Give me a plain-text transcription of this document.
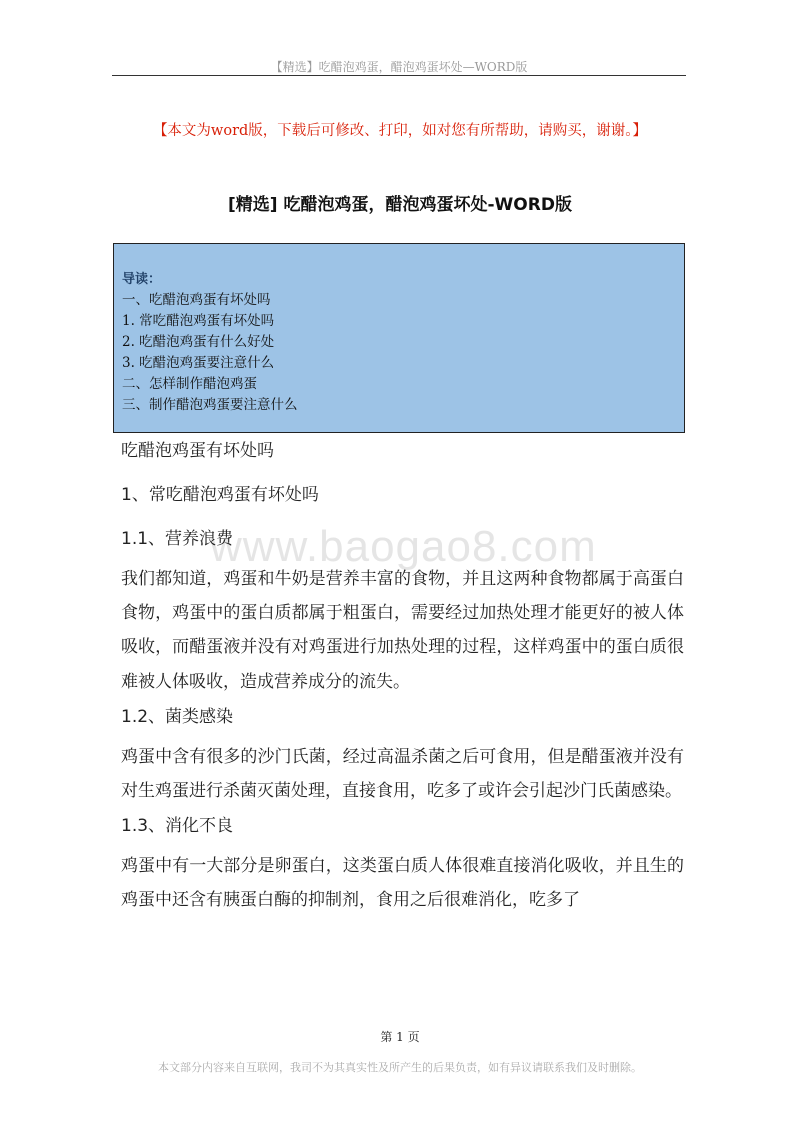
【精选】吃醋泡鸡蛋，醋泡鸡蛋坏处—WORD版
【本文为word版，下载后可修改、打印，如对您有所帮助，请购买，谢谢。】
[精选] 吃醋泡鸡蛋，醋泡鸡蛋坏处-WORD版
导读：
一、吃醋泡鸡蛋有坏处吗
1. 常吃醋泡鸡蛋有坏处吗
2. 吃醋泡鸡蛋有什么好处
3. 吃醋泡鸡蛋要注意什么
二、怎样制作醋泡鸡蛋
三、制作醋泡鸡蛋要注意什么
www.baogao8.com
吃醋泡鸡蛋有坏处吗
1、常吃醋泡鸡蛋有坏处吗
1.1、营养浪费
我们都知道，鸡蛋和牛奶是营养丰富的食物，并且这两种食物都属于高蛋白食物，鸡蛋中的蛋白质都属于粗蛋白，需要经过加热处理才能更好的被人体吸收，而醋蛋液并没有对鸡蛋进行加热处理的过程，这样鸡蛋中的蛋白质很难被人体吸收，造成营养成分的流失。
1.2、菌类感染
鸡蛋中含有很多的沙门氏菌，经过高温杀菌之后可食用，但是醋蛋液并没有对生鸡蛋进行杀菌灭菌处理，直接食用，吃多了或许会引起沙门氏菌感染。
1.3、消化不良
鸡蛋中有一大部分是卵蛋白，这类蛋白质人体很难直接消化吸收，并且生的鸡蛋中还含有胰蛋白酶的抑制剂，食用之后很难消化，吃多了
第 1 页
本文部分内容来自互联网，我司不为其真实性及所产生的后果负责，如有异议请联系我们及时删除。
